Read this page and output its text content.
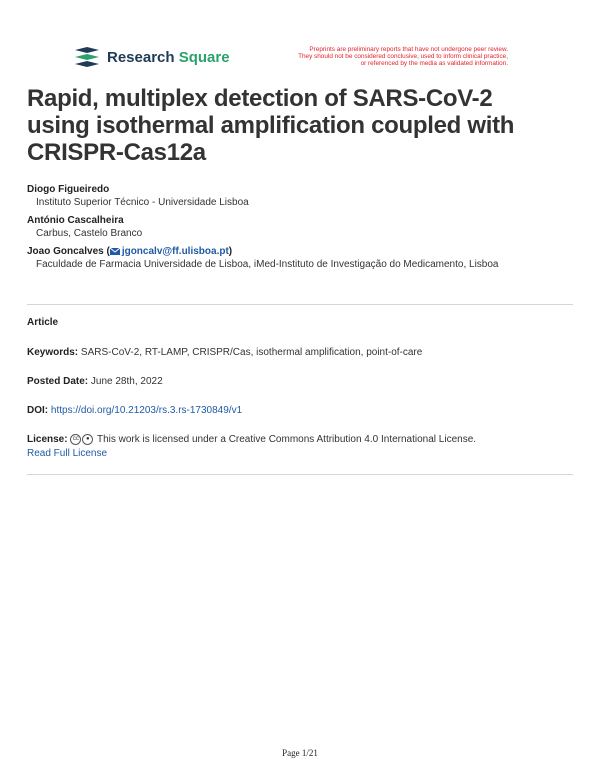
Research Square	Preprints are preliminary reports that have not undergone peer review.
They should not be considered conclusive, used to inform clinical practice,
or referenced by the media as validated information.
Rapid, multiplex detection of SARS-CoV-2 using isothermal amplification coupled with CRISPR-Cas12a
Diogo Figueiredo
Instituto Superior Técnico - Universidade Lisboa
António Cascalheira
Carbus, Castelo Branco
Joao Goncalves ( jgoncalv@ff.ulisboa.pt)
Faculdade de Farmacia Universidade de Lisboa, iMed-Instituto de Investigação do Medicamento, Lisboa
Article
Keywords: SARS-CoV-2, RT-LAMP, CRISPR/Cas, isothermal amplification, point-of-care
Posted Date: June 28th, 2022
DOI: https://doi.org/10.21203/rs.3.rs-1730849/v1
License: cc ● This work is licensed under a Creative Commons Attribution 4.0 International License.
Read Full License
Page 1/21
